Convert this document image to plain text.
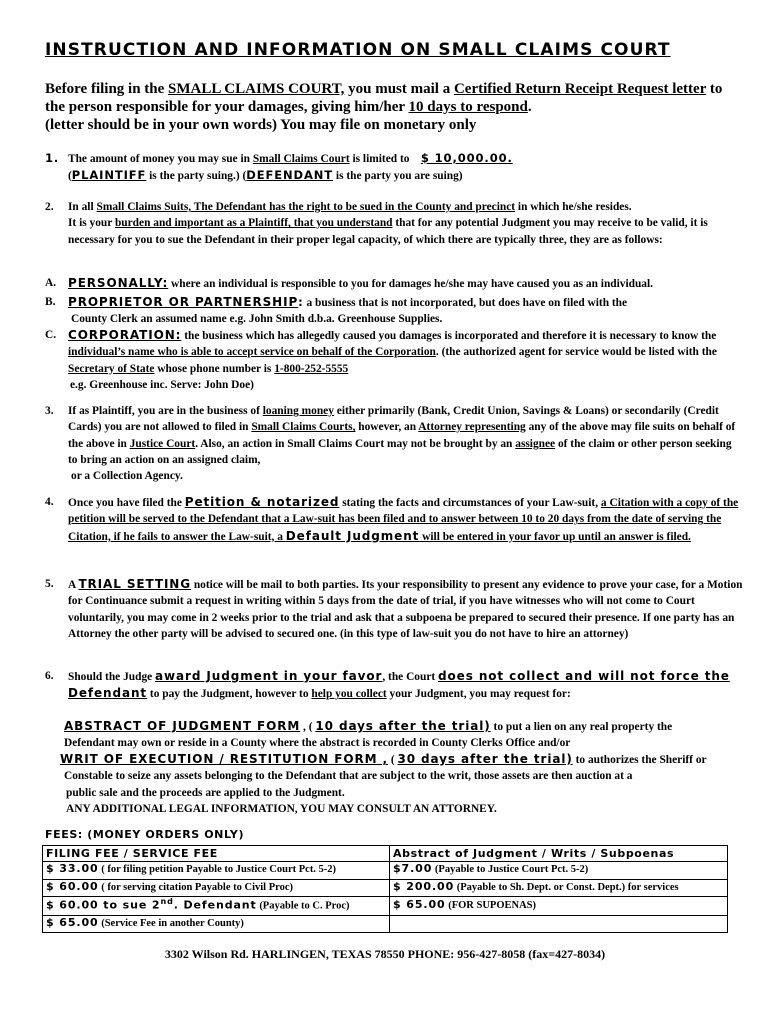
INSTRUCTION AND INFORMATION ON SMALL CLAIMS COURT
Before filing in the SMALL CLAIMS COURT, you must mail a Certified Return Receipt Request letter to the person responsible for your damages, giving him/her 10 days to respond.
(letter should be in your own words) You may file on monetary only
1. The amount of money you may sue in Small Claims Court is limited to    $ 10,000.00.
(PLAINTIFF is the party suing.) (DEFENDANT is the party you are suing)
2. In all Small Claims Suits, The Defendant has the right to be sued in the County and precinct in which he/she resides.
It is your burden and important as a Plaintiff, that you understand that for any potential Judgment you may receive to be valid, it is necessary for you to sue the Defendant in their proper legal capacity, of which there are typically three, they are as follows:
A. PERSONALLY: where an individual is responsible to you for damages he/she may have caused you as an individual.
B. PROPRIETOR OR PARTNERSHIP: a business that is not incorporated, but does have on filed with the
County Clerk an assumed name e.g. John Smith d.b.a. Greenhouse Supplies.
C. CORPORATION: the business which has allegedly caused you damages is incorporated and therefore it is necessary to know the individual’s name who is able to accept service on behalf of the Corporation. (the authorized agent for service would be listed with the Secretary of State whose phone number is 1-800-252-5555
e.g. Greenhouse inc. Serve: John Doe)
3. If as Plaintiff, you are in the business of loaning money either primarily (Bank, Credit Union, Savings & Loans) or secondarily (Credit Cards) you are not allowed to filed in Small Claims Courts, however, an Attorney representing any of the above may file suits on behalf of the above in Justice Court. Also, an action in Small Claims Court may not be brought by an assignee of the claim or other person seeking to bring an action on an assigned claim,
or a Collection Agency.
4. Once you have filed the Petition & notarized stating the facts and circumstances of your Law-suit, a Citation with a copy of the petition will be served to the Defendant that a Law-suit has been filed and to answer between 10 to 20 days from the date of serving the Citation, if he fails to answer the Law-suit, a Default Judgment will be entered in your favor up until an answer is filed.
5. A TRIAL SETTING notice will be mail to both parties. Its your responsibility to present any evidence to prove your case, for a Motion for Continuance submit a request in writing within 5 days from the date of trial, if you have witnesses who will not come to Court voluntarily, you may come in 2 weeks prior to the trial and ask that a subpoena be prepared to secured their presence. If one party has an Attorney the other party will be advised to secured one. (in this type of law-suit you do not have to hire an attorney)
6. Should the Judge award Judgment in your favor, the Court does not collect and will not force the Defendant to pay the Judgment, however to help you collect your Judgment, you may request for:
ABSTRACT OF JUDGMENT FORM , ( 10 days after the trial) to put a lien on any real property the
Defendant may own or reside in a County where the abstract is recorded in County Clerks Office and/or
WRIT OF EXECUTION / RESTITUTION FORM , ( 30 days after the trial) to authorizes the Sheriff or
Constable to seize any assets belonging to the Defendant that are subject to the writ, those assets are then auction at a
public sale and the proceeds are applied to the Judgment.
ANY ADDITIONAL LEGAL INFORMATION, YOU MAY CONSULT AN ATTORNEY.
FEES: (MONEY ORDERS ONLY)
FILING FEE / SERVICE FEE	Abstract of Judgment / Writs / Subpoenas
$ 33.00 ( for filing petition Payable to Justice Court Pct. 5-2)	$7.00 (Payable to Justice Court Pct. 5-2)
$ 60.00 ( for serving citation Payable to Civil Proc)	$ 200.00 (Payable to Sh. Dept. or Const. Dept.) for services
$ 60.00 to sue 2nd. Defendant (Payable to C. Proc)	$ 65.00 (FOR SUPOENAS)
$ 65.00 (Service Fee in another County)	
3302 Wilson Rd. HARLINGEN, TEXAS 78550 PHONE: 956-427-8058 (fax=427-8034)
